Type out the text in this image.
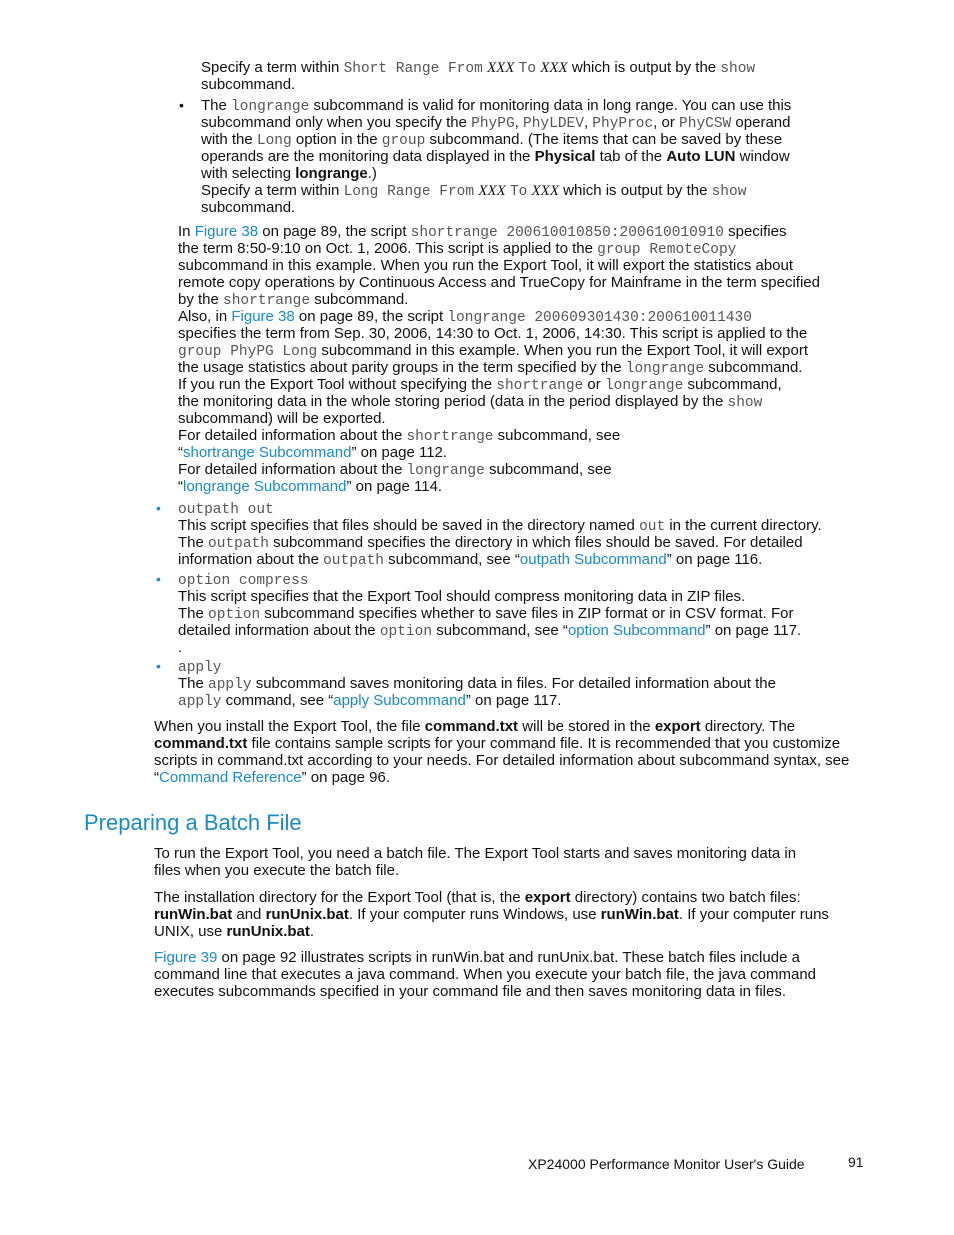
Specify a term within Short Range From XXX To XXX which is output by the show
subcommand.
• The longrange subcommand is valid for monitoring data in long range. You can use this
subcommand only when you specify the PhyPG, PhyLDEV, PhyProc, or PhyCSW operand
with the Long option in the group subcommand. (The items that can be saved by these
operands are the monitoring data displayed in the Physical tab of the Auto LUN window
with selecting longrange.)
Specify a term within Long Range From XXX To XXX which is output by the show
subcommand.
In Figure 38 on page 89, the script shortrange 200610010850:200610010910 specifies
the term 8:50-9:10 on Oct. 1, 2006. This script is applied to the group RemoteCopy
subcommand in this example. When you run the Export Tool, it will export the statistics about
remote copy operations by Continuous Access and TrueCopy for Mainframe in the term specified
by the shortrange subcommand.
Also, in Figure 38 on page 89, the script longrange 200609301430:200610011430
specifies the term from Sep. 30, 2006, 14:30 to Oct. 1, 2006, 14:30. This script is applied to the
group PhyPG Long subcommand in this example. When you run the Export Tool, it will export
the usage statistics about parity groups in the term specified by the longrange subcommand.
If you run the Export Tool without specifying the shortrange or longrange subcommand,
the monitoring data in the whole storing period (data in the period displayed by the show
subcommand) will be exported.
For detailed information about the shortrange subcommand, see
“shortrange Subcommand” on page 112.
For detailed information about the longrange subcommand, see
“longrange Subcommand” on page 114.
• outpath out
This script specifies that files should be saved in the directory named out in the current directory.
The outpath subcommand specifies the directory in which files should be saved. For detailed
information about the outpath subcommand, see “outpath Subcommand” on page 116.
• option compress
This script specifies that the Export Tool should compress monitoring data in ZIP files.
The option subcommand specifies whether to save files in ZIP format or in CSV format. For
detailed information about the option subcommand, see “option Subcommand” on page 117.
.
• apply
The apply subcommand saves monitoring data in files. For detailed information about the
apply command, see “apply Subcommand” on page 117.
When you install the Export Tool, the file command.txt will be stored in the export directory. The
command.txt file contains sample scripts for your command file. It is recommended that you customize
scripts in command.txt according to your needs. For detailed information about subcommand syntax, see
“Command Reference” on page 96.
Preparing a Batch File
To run the Export Tool, you need a batch file. The Export Tool starts and saves monitoring data in
files when you execute the batch file.
The installation directory for the Export Tool (that is, the export directory) contains two batch files:
runWin.bat and runUnix.bat. If your computer runs Windows, use runWin.bat. If your computer runs
UNIX, use runUnix.bat.
Figure 39 on page 92 illustrates scripts in runWin.bat and runUnix.bat. These batch files include a
command line that executes a java command. When you execute your batch file, the java command
executes subcommands specified in your command file and then saves monitoring data in files.
XP24000 Performance Monitor User's Guide	91
